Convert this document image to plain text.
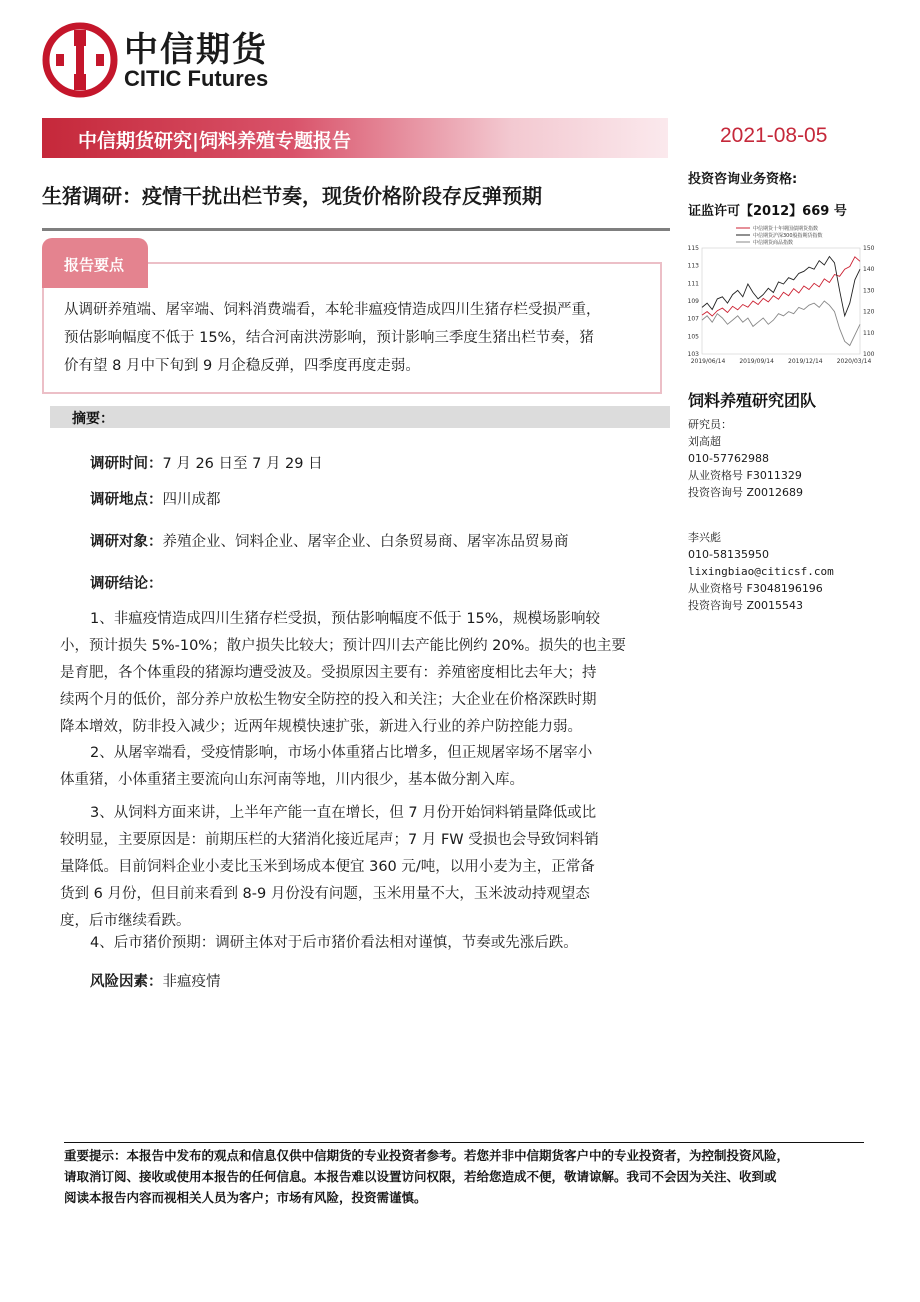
中信期货
CITIC Futures
中信期货研究|饲料养殖专题报告	2021-08-05
生猪调研：疫情干扰出栏节奏，现货价格阶段存反弹预期
投资咨询业务资格:
证监许可【2012】669 号
115
113
111
109
107
105
103
150
140
130
120
110
100
2019/06/14 2019/09/14 2019/12/14 2020/03/14
中信期货十年期国债期货指数
中信期货沪深300股指期货指数
中信期货商品指数
报告要点
从调研养殖端、屠宰端、饲料消费端看，本轮非瘟疫情造成四川生猪存栏受损严重，
预估影响幅度不低于 15%，结合河南洪涝影响，预计影响三季度生猪出栏节奏，猪
价有望 8 月中下旬到 9 月企稳反弹，四季度再度走弱。
摘要：
调研时间：7 月 26 日至 7 月 29 日
调研地点：四川成都
调研对象：养殖企业、饲料企业、屠宰企业、白条贸易商、屠宰冻品贸易商
调研结论：
1、非瘟疫情造成四川生猪存栏受损，预估影响幅度不低于 15%，规模场影响较
小，预计损失 5%-10%；散户损失比较大；预计四川去产能比例约 20%。损失的也主要
是育肥，各个体重段的猪源均遭受波及。受损原因主要有：养殖密度相比去年大；持
续两个月的低价，部分养户放松生物安全防控的投入和关注；大企业在价格深跌时期
降本增效，防非投入减少；近两年规模快速扩张，新进入行业的养户防控能力弱。
2、从屠宰端看，受疫情影响，市场小体重猪占比增多，但正规屠宰场不屠宰小
体重猪，小体重猪主要流向山东河南等地，川内很少，基本做分割入库。
3、从饲料方面来讲，上半年产能一直在增长，但 7 月份开始饲料销量降低或比
较明显，主要原因是：前期压栏的大猪消化接近尾声；7 月 FW 受损也会导致饲料销
量降低。目前饲料企业小麦比玉米到场成本便宜 360 元/吨，以用小麦为主，正常备
货到 6 月份，但目前来看到 8-9 月份没有问题，玉米用量不大，玉米波动持观望态
度，后市继续看跌。
4、后市猪价预期：调研主体对于后市猪价看法相对谨慎，节奏或先涨后跌。
风险因素：非瘟疫情
饲料养殖研究团队
研究员：
刘高超
010-57762988
从业资格号 F3011329
投资咨询号 Z0012689
李兴彪
010-58135950
lixingbiao@citicsf.com
从业资格号 F3048196196
投资咨询号 Z0015543
重要提示：本报告中发布的观点和信息仅供中信期货的专业投资者参考。若您并非中信期货客户中的专业投资者，为控制投资风险，
请取消订阅、接收或使用本报告的任何信息。本报告难以设置访问权限，若给您造成不便，敬请谅解。我司不会因为关注、收到或
阅读本报告内容而视相关人员为客户；市场有风险，投资需谨慎。
